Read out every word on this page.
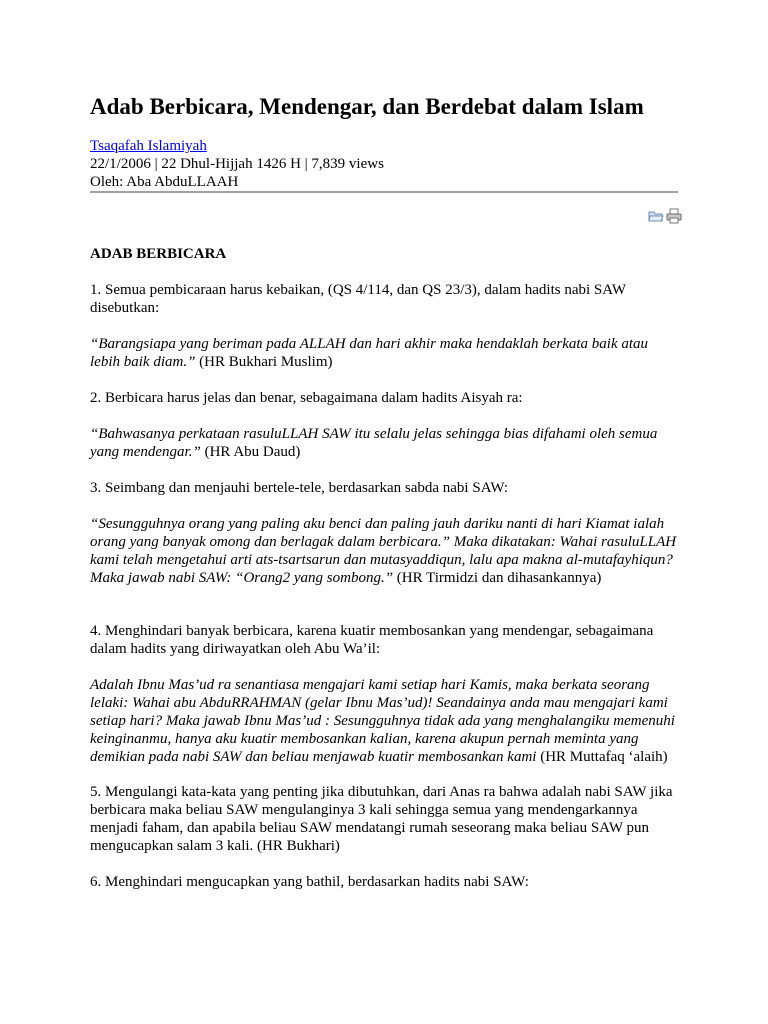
Adab Berbicara, Mendengar, dan Berdebat dalam Islam
Tsaqafah Islamiyah
22/1/2006 | 22 Dhul-Hijjah 1426 H | 7,839 views
Oleh: Aba AbduLLAAH
ADAB BERBICARA

1. Semua pembicaraan harus kebaikan, (QS 4/114, dan QS 23/3), dalam hadits nabi SAW disebutkan:

“Barangsiapa yang beriman pada ALLAH dan hari akhir maka hendaklah berkata baik atau lebih baik diam.” (HR Bukhari Muslim)

2. Berbicara harus jelas dan benar, sebagaimana dalam hadits Aisyah ra:

“Bahwasanya perkataan rasuluLLAH SAW itu selalu jelas sehingga bias difahami oleh semua yang mendengar.” (HR Abu Daud)

3. Seimbang dan menjauhi bertele-tele, berdasarkan sabda nabi SAW:

“Sesungguhnya orang yang paling aku benci dan paling jauh dariku nanti di hari Kiamat ialah orang yang banyak omong dan berlagak dalam berbicara.” Maka dikatakan: Wahai rasuluLLAH kami telah mengetahui arti ats-tsartsarun dan mutasyaddiqun, lalu apa makna al-mutafayhiqun? Maka jawab nabi SAW: “Orang2 yang sombong.” (HR Tirmidzi dan dihasankannya)

4. Menghindari banyak berbicara, karena kuatir membosankan yang mendengar, sebagaimana dalam hadits yang diriwayatkan oleh Abu Wa’il:

Adalah Ibnu Mas’ud ra senantiasa mengajari kami setiap hari Kamis, maka berkata seorang lelaki: Wahai abu AbduRRAHMAN (gelar Ibnu Mas’ud)! Seandainya anda mau mengajari kami setiap hari? Maka jawab Ibnu Mas’ud : Sesungguhnya tidak ada yang menghalangiku memenuhi keinginanmu, hanya aku kuatir membosankan kalian, karena akupun pernah meminta yang demikian pada nabi SAW dan beliau menjawab kuatir membosankan kami (HR Muttafaq ‘alaih)

5. Mengulangi kata-kata yang penting jika dibutuhkan, dari Anas ra bahwa adalah nabi SAW jika berbicara maka beliau SAW mengulanginya 3 kali sehingga semua yang mendengarkannya menjadi faham, dan apabila beliau SAW mendatangi rumah seseorang maka beliau SAW pun mengucapkan salam 3 kali. (HR Bukhari)

6. Menghindari mengucapkan yang bathil, berdasarkan hadits nabi SAW:
